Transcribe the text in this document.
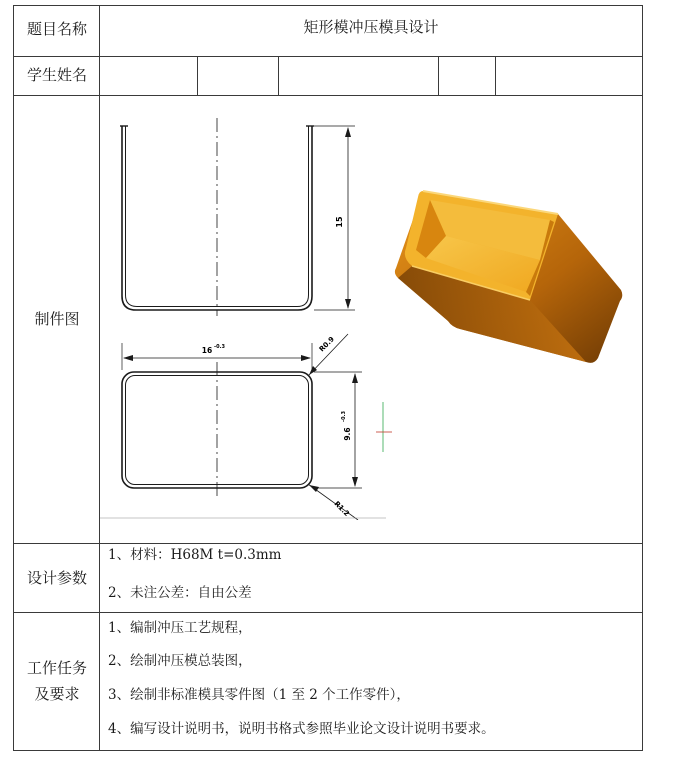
题目名称	矩形模冲压模具设计
学生姓名
制件图
15
16 -0.3
9.6
-0.3
R0.9
R1.2
设计参数
1、材料：H68M t=0.3mm
2、未注公差：自由公差
工作任务
及要求
1、编制冲压工艺规程，
2、绘制冲压模总装图，
3、绘制非标准模具零件图（1 至 2 个工作零件），
4、编写设计说明书，说明书格式参照毕业论文设计说明书要求。
